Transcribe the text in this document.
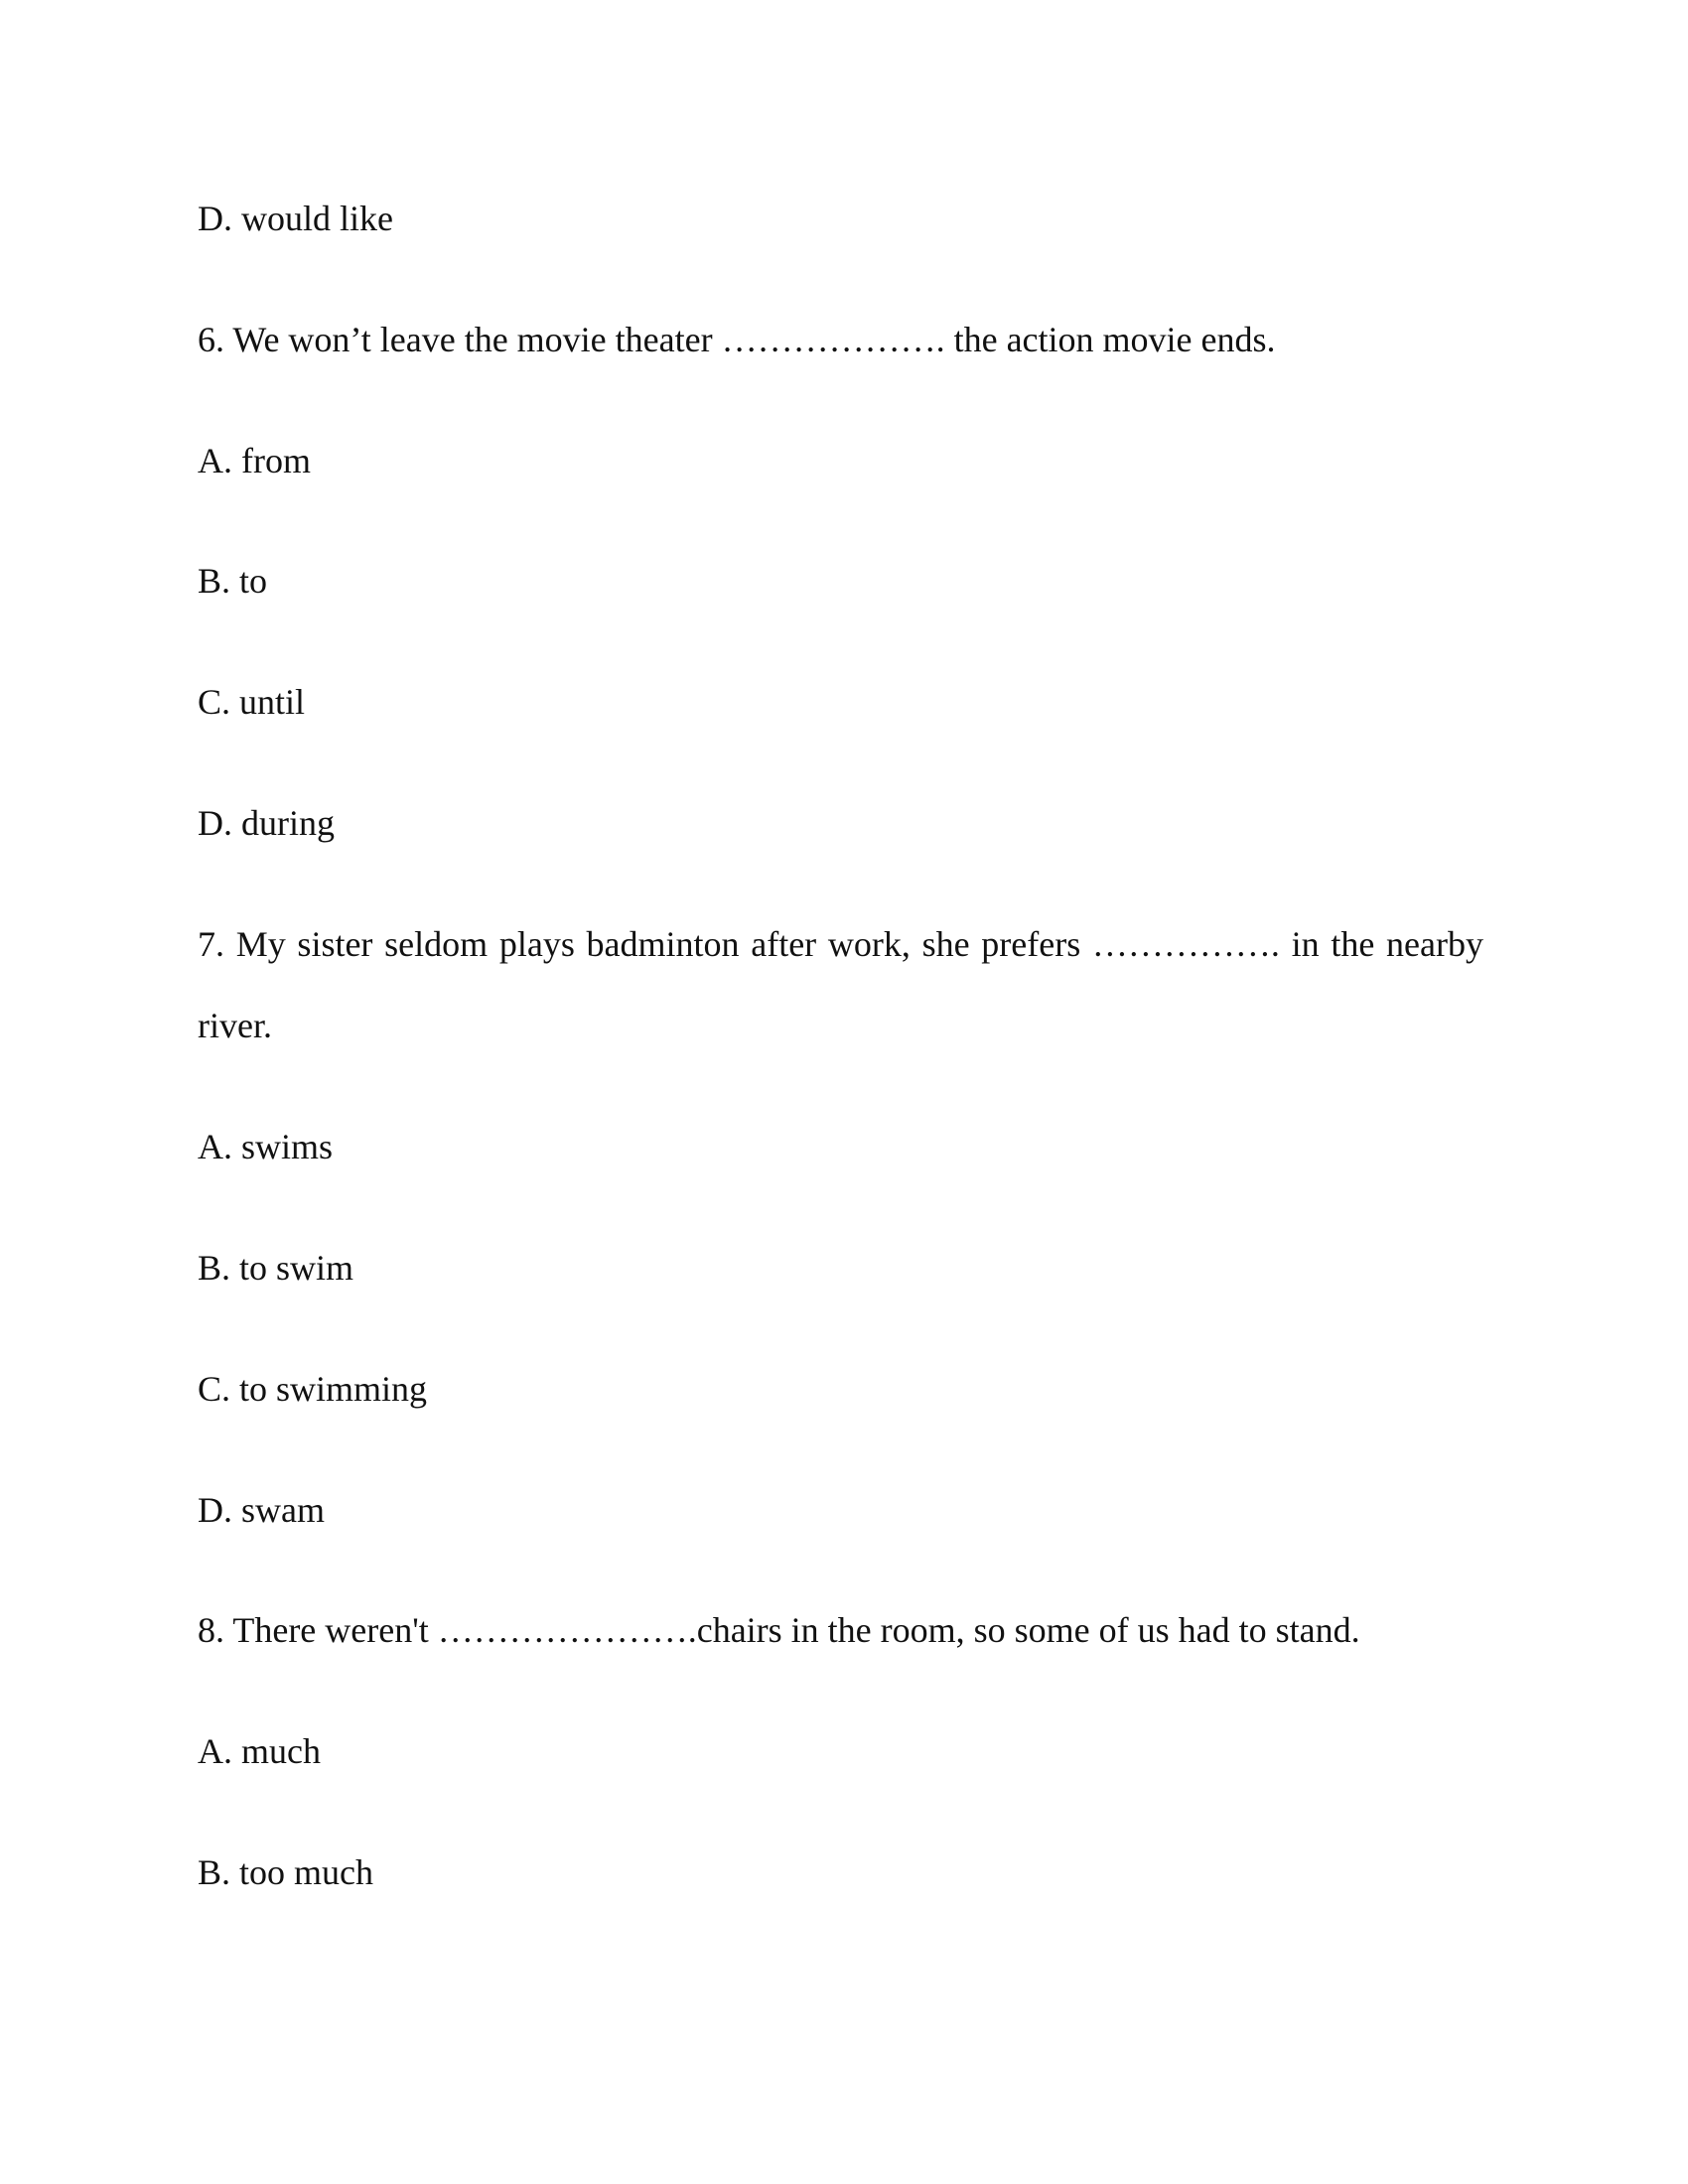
D. would like

6. We won’t leave the movie theater ………………. the action movie ends.

A. from

B. to

C. until

D. during

7. My sister seldom plays badminton after work, she prefers ……………. in the nearby

river.

A. swims

B. to swim

C. to swimming

D. swam

8. There weren't ………………….chairs in the room, so some of us had to stand.

A. much

B. too much
